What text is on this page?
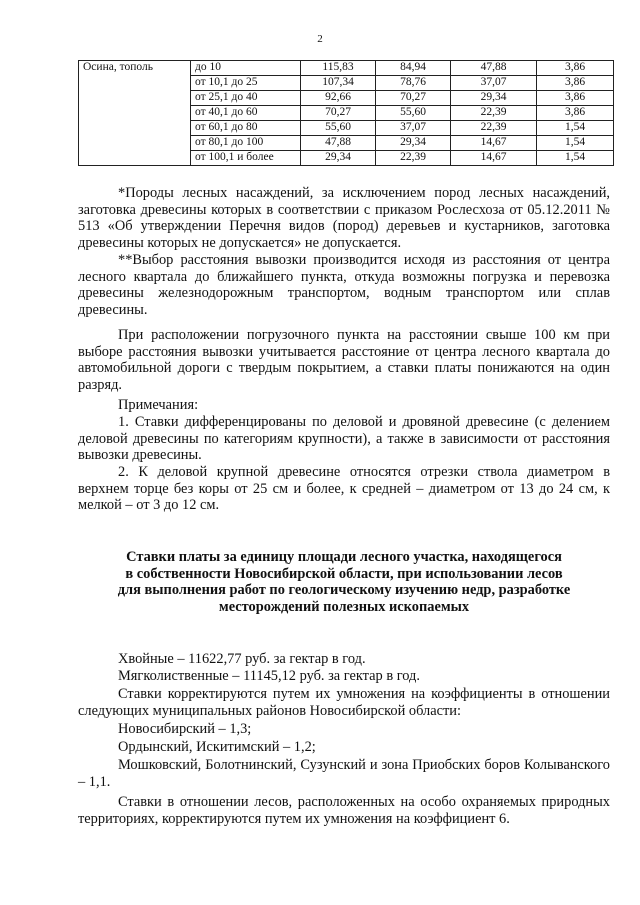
2
Осина, тополь	до 10	115,83	84,94	47,88	3,86
	от 10,1 до 25	107,34	78,76	37,07	3,86
	от 25,1 до 40	92,66	70,27	29,34	3,86
	от 40,1 до 60	70,27	55,60	22,39	3,86
	от 60,1 до 80	55,60	37,07	22,39	1,54
	от 80,1 до 100	47,88	29,34	14,67	1,54
	от 100,1 и более	29,34	22,39	14,67	1,54

*Породы лесных насаждений, за исключением пород лесных насаждений, заготовка древесины которых в соответствии с приказом Рослесхоза от 05.12.2011 № 513 «Об утверждении Перечня видов (пород) деревьев и кустарников, заготовка древесины которых не допускается» не допускается.

**Выбор расстояния вывозки производится исходя из расстояния от центра лесного квартала до ближайшего пункта, откуда возможны погрузка и перевозка древесины железнодорожным транспортом, водным транспортом или сплав древесины.

При расположении погрузочного пункта на расстоянии свыше 100 км при выборе расстояния вывозки учитывается расстояние от центра лесного квартала до автомобильной дороги с твердым покрытием, а ставки платы понижаются на один разряд.

Примечания:

1. Ставки дифференцированы по деловой и дровяной древесине (с делением деловой древесины по категориям крупности), а также в зависимости от расстояния вывозки древесины.

2. К деловой крупной древесине относятся отрезки ствола диаметром в верхнем торце без коры от 25 см и более, к средней – диаметром от 13 до 24 см, к мелкой – от 3 до 12 см.

Ставки платы за единицу площади лесного участка, находящегося
в собственности Новосибирской области, при использовании лесов
для выполнения работ по геологическому изучению недр, разработке
месторождений полезных ископаемых

Хвойные – 11622,77 руб. за гектар в год.

Мягколиственные – 11145,12 руб. за гектар в год.

Ставки корректируются путем их умножения на коэффициенты в отношении следующих муниципальных районов Новосибирской области:

Новосибирский – 1,3;

Ордынский, Искитимский – 1,2;

Мошковский, Болотнинский, Сузунский и зона Приобских боров Колыванского – 1,1.

Ставки в отношении лесов, расположенных на особо охраняемых природных территориях, корректируются путем их умножения на коэффициент 6.
